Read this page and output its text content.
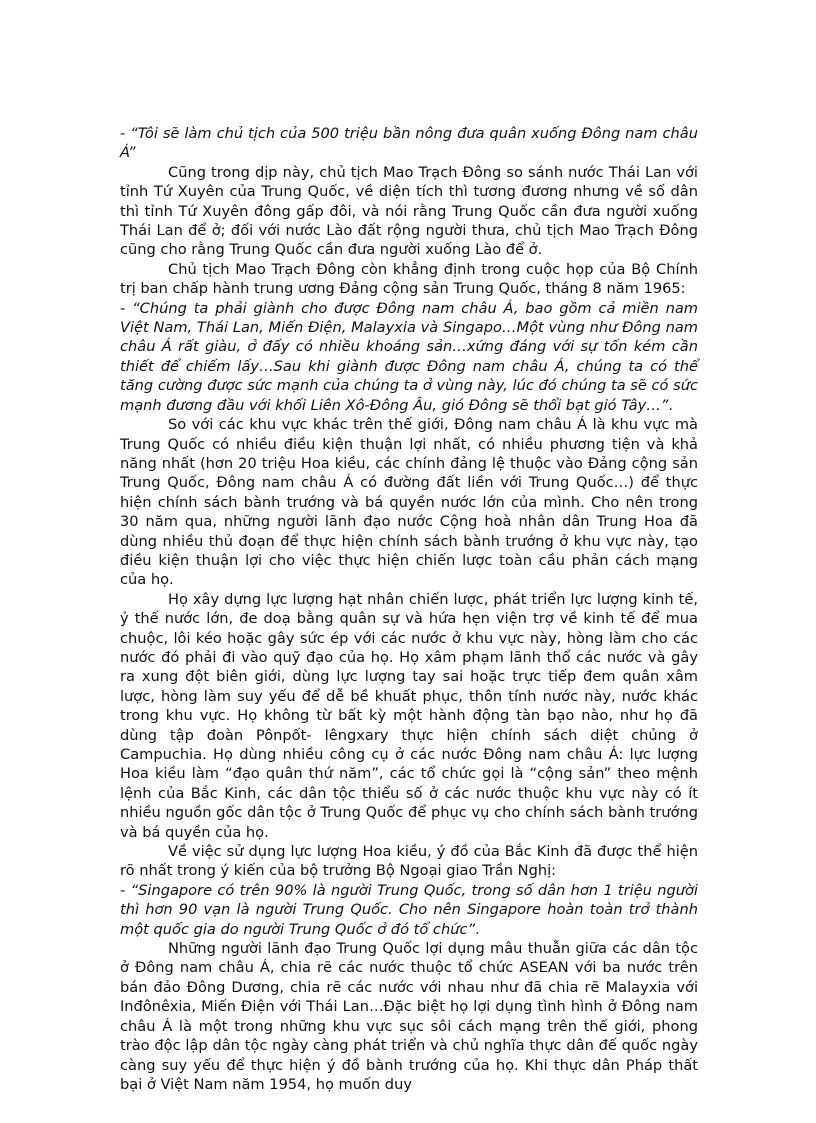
- “Tôi sẽ làm chủ tịch của 500 triệu bần nông đưa quân xuống Đông nam châu Á”

Cũng trong dịp này, chủ tịch Mao Trạch Đông so sánh nước Thái Lan với tỉnh Tứ Xuyên của Trung Quốc, về diện tích thì tương đương nhưng về số dân thì tỉnh Tứ Xuyên đông gấp đôi, và nói rằng Trung Quốc cần đưa người xuống Thái Lan để ở; đối với nước Lào đất rộng người thưa, chủ tịch Mao Trạch Đông cũng cho rằng Trung Quốc cần đưa người xuống Lào để ở.

Chủ tịch Mao Trạch Đông còn khẳng định trong cuộc họp của Bộ Chính trị ban chấp hành trung ương Đảng cộng sản Trung Quốc, tháng 8 năm 1965:

- “Chúng ta phải giành cho được Đông nam châu Á, bao gồm cả miền nam Việt Nam, Thái Lan, Miến Điện, Malayxia và Singapo…Một vùng như Đông nam châu Á rất giàu, ở đấy có nhiều khoáng sản…xứng đáng với sự tốn kém cần thiết để chiếm lấy…Sau khi giành được Đông nam châu Á, chúng ta có thể tăng cường được sức mạnh của chúng ta ở vùng này, lúc đó chúng ta sẽ có sức mạnh đương đầu với khối Liên Xô-Đông Âu, gió Đông sẽ thổi bạt gió Tây…”.

So với các khu vực khác trên thế giới, Đông nam châu Á là khu vực mà Trung Quốc có nhiều điều kiện thuận lợi nhất, có nhiều phương tiện và khả năng nhất (hơn 20 triệu Hoa kiều, các chính đảng lệ thuộc vào Đảng cộng sản Trung Quốc, Đông nam châu Á có đường đất liền với Trung Quốc…) để thực hiện chính sách bành trướng và bá quyền nước lớn của mình. Cho nên trong 30 năm qua, những người lãnh đạo nước Cộng hoà nhân dân Trung Hoa đã dùng nhiều thủ đoạn để thực hiện chính sách bành trướng ở khu vực này, tạo điều kiện thuận lợi cho việc thực hiện chiến lược toàn cầu phản cách mạng của họ.

Họ xây dựng lực lượng hạt nhân chiến lược, phát triển lực lượng kinh tế, ỷ thế nước lớn, đe doạ bằng quân sự và hứa hẹn viện trợ về kinh tế để mua chuộc, lôi kéo hoặc gây sức ép với các nước ở khu vực này, hòng làm cho các nước đó phải đi vào quỹ đạo của họ. Họ xâm phạm lãnh thổ các nước và gây ra xung đột biên giới, dùng lực lượng tay sai hoặc trực tiếp đem quân xâm lược, hòng làm suy yếu để dễ bề khuất phục, thôn tính nước này, nước khác trong khu vực. Họ không từ bất kỳ một hành động tàn bạo nào, như họ đã dùng tập đoàn Pônpốt- Iêngxary thực hiện chính sách diệt chủng ở Campuchia. Họ dùng nhiều công cụ ở các nước Đông nam châu Á: lực lượng Hoa kiều làm “đạo quân thứ năm”, các tổ chức gọi là “cộng sản” theo mệnh lệnh của Bắc Kinh, các dân tộc thiểu số ở các nước thuộc khu vực này có ít nhiều nguồn gốc dân tộc ở Trung Quốc để phục vụ cho chính sách bành trướng và bá quyền của họ.

Về việc sử dụng lực lượng Hoa kiều, ý đồ của Bắc Kinh đã được thể hiện rõ nhất trong ý kiến của bộ trưởng Bộ Ngoại giao Trần Nghị:

- “Singapore có trên 90% là người Trung Quốc, trong số dân hơn 1 triệu người thì hơn 90 vạn là người Trung Quốc. Cho nên Singapore hoàn toàn trở thành một quốc gia do người Trung Quốc ở đó tổ chức”.

Những người lãnh đạo Trung Quốc lợi dụng mâu thuẫn giữa các dân tộc ở Đông nam châu Á, chia rẽ các nước thuộc tổ chức ASEAN với ba nước trên bán đảo Đông Dương, chia rẽ các nước với nhau như đã chia rẽ Malayxia với Inđônêxia, Miến Điện với Thái Lan…Đặc biệt họ lợi dụng tình hình ở Đông nam châu Á là một trong những khu vực sục sôi cách mạng trên thế giới, phong trào độc lập dân tộc ngày càng phát triển và chủ nghĩa thực dân đế quốc ngày càng suy yếu để thực hiện ý đồ bành trướng của họ. Khi thực dân Pháp thất bại ở Việt Nam năm 1954, họ muốn duy
